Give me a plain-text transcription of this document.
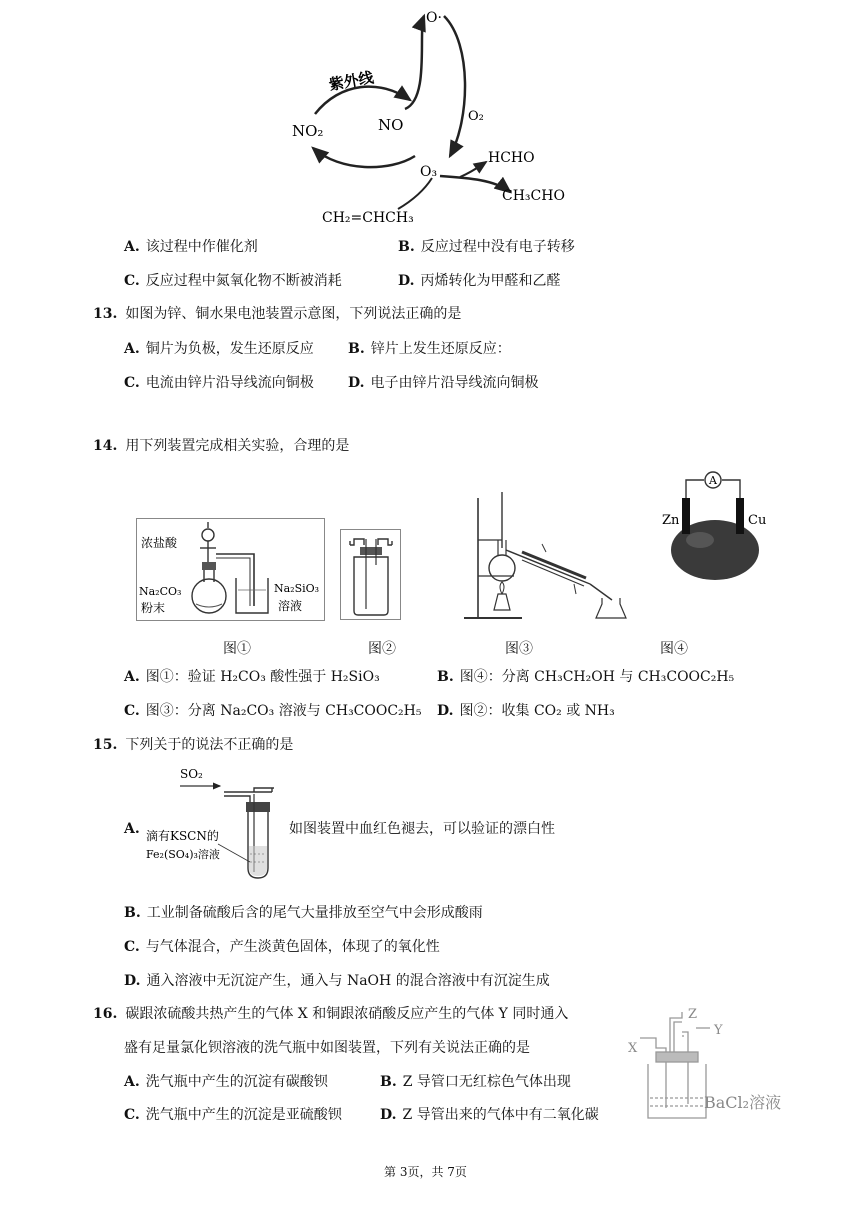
紫外线
NO₂	NO
O·
O₂
O₃
HCHO
CH₃CHO
CH₂=CHCH₃
A. 该过程中作催化剂	B. 反应过程中没有电子转移
C. 反应过程中氮氧化物不断被消耗	D. 丙烯转化为甲醛和乙醛
13. 如图为锌、铜水果电池装置示意图，下列说法正确的是
A. 铜片为负极，发生还原反应 B. 锌片上发生还原反应：
C. 电流由锌片沿导线流向铜极 D. 电子由锌片沿导线流向铜极
14. 用下列装置完成相关实验，合理的是
浓盐酸
Na₂CO₃
粉末
Na₂SiO₃
溶液
A
Zn	Cu
图①	图②	图③	图④
A. 图①：验证 H₂CO₃ 酸性强于 H₂SiO₃	B. 图④：分离 CH₃CH₂OH 与 CH₃COOC₂H₅
C. 图③：分离 Na₂CO₃ 溶液与 CH₃COOC₂H₅ D. 图②：收集 CO₂ 或 NH₃
15. 下列关于的说法不正确的是
SO₂
滴有KSCN的
Fe₂(SO₄)₃溶液
A.	如图装置中血红色褪去，可以验证的漂白性
B. 工业制备硫酸后含的尾气大量排放至空气中会形成酸雨
C. 与气体混合，产生淡黄色固体，体现了的氧化性
D. 通入溶液中无沉淀产生，通入与 NaOH 的混合溶液中有沉淀生成
16. 碳跟浓硫酸共热产生的气体 X 和铜跟浓硝酸反应产生的气体 Y 同时通入
盛有足量氯化钡溶液的洗气瓶中如图装置，下列有关说法正确的是
A. 洗气瓶中产生的沉淀有碳酸钡	B. Z 导管口无红棕色气体出现
C. 洗气瓶中产生的沉淀是亚硫酸钡	D. Z 导管出来的气体中有二氧化碳
Z
X
Y
BaCl₂溶液
第 3页，共 7页
